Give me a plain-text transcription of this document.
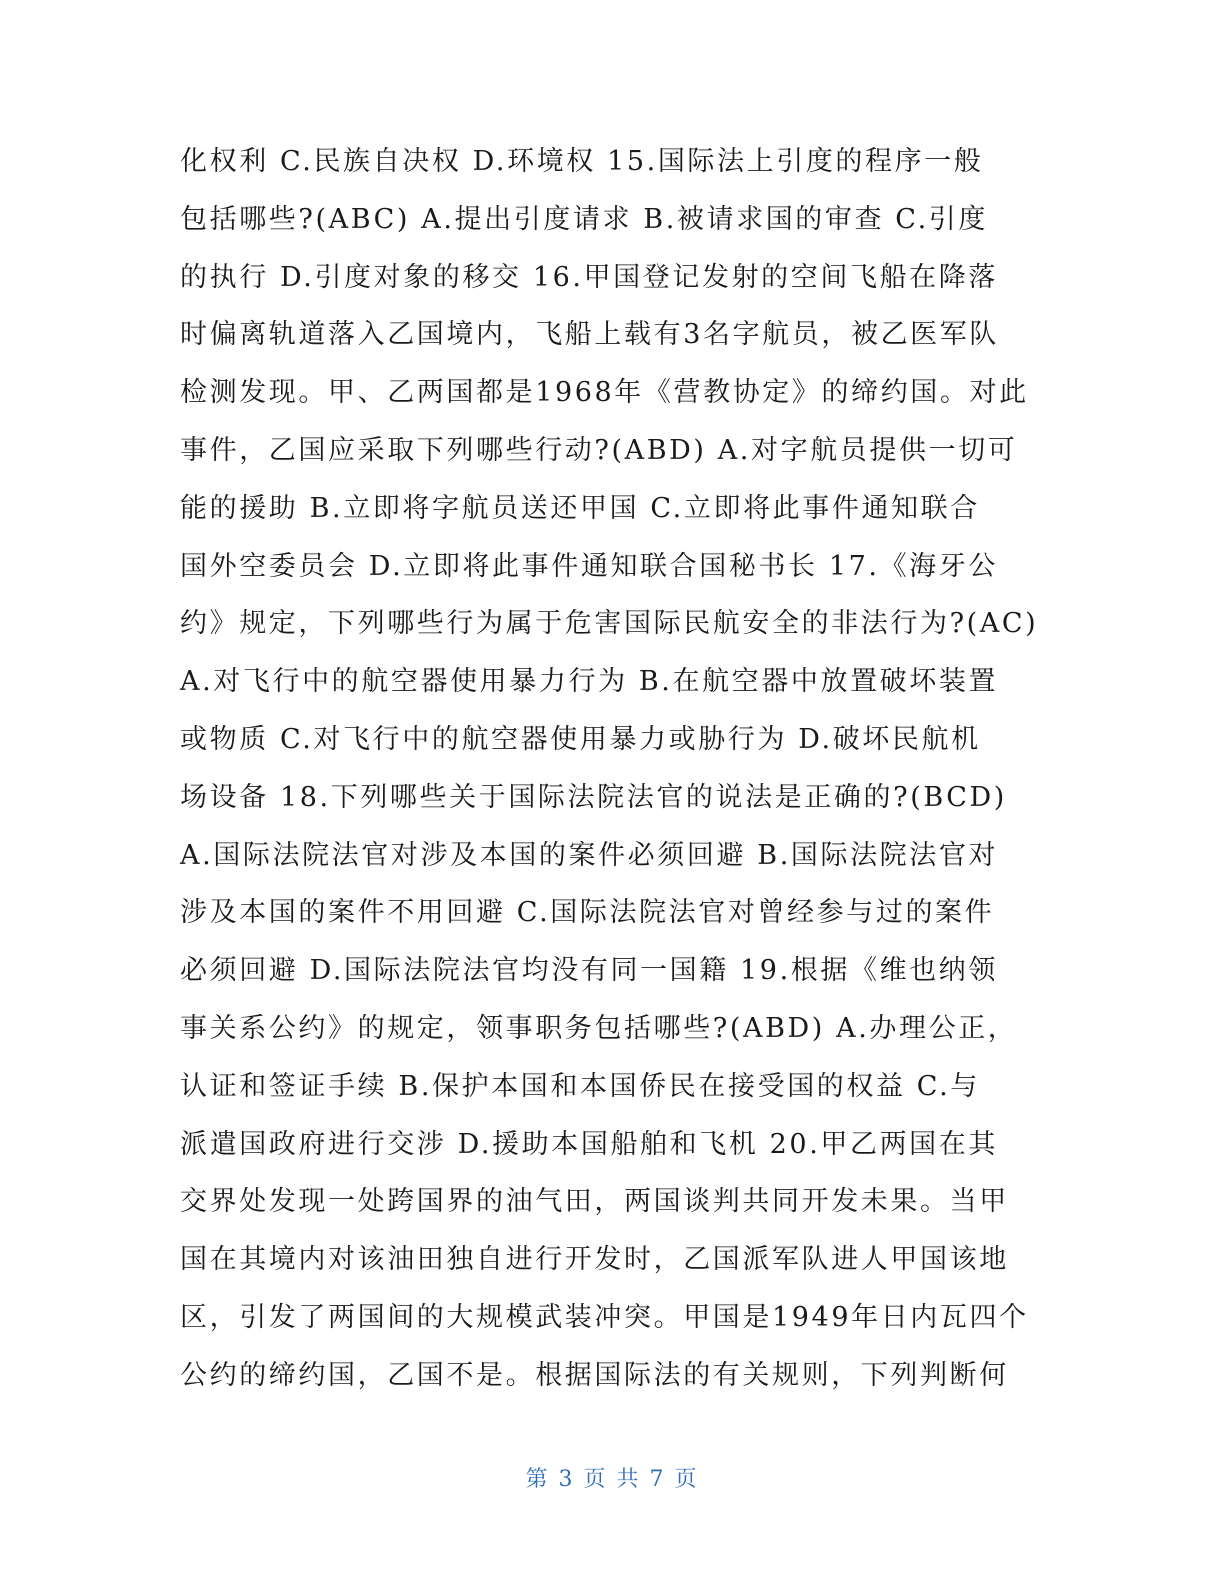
化权利 C.民族自决权 D.环境权 15.国际法上引度的程序一般
包括哪些?(ABC) A.提出引度请求 B.被请求国的审查 C.引度
的执行 D.引度对象的移交 16.甲国登记发射的空间飞船在降落
时偏离轨道落入乙国境内，飞船上载有3名字航员，被乙医军队
检测发现。甲、乙两国都是1968年《营教协定》的缔约国。对此
事件，乙国应采取下列哪些行动?(ABD) A.对字航员提供一切可
能的援助 B.立即将字航员送还甲国 C.立即将此事件通知联合
国外空委员会 D.立即将此事件通知联合国秘书长 17.《海牙公
约》规定，下列哪些行为属于危害国际民航安全的非法行为?(AC)
A.对飞行中的航空器使用暴力行为 B.在航空器中放置破坏装置
或物质 C.对飞行中的航空器使用暴力或胁行为 D.破坏民航机
场设备 18.下列哪些关于国际法院法官的说法是正确的?(BCD)
A.国际法院法官对涉及本国的案件必须回避 B.国际法院法官对
涉及本国的案件不用回避 C.国际法院法官对曾经参与过的案件
必须回避 D.国际法院法官均没有同一国籍 19.根据《维也纳领
事关系公约》的规定，领事职务包括哪些?(ABD) A.办理公正，
认证和签证手续 B.保护本国和本国侨民在接受国的权益 C.与
派遣国政府进行交涉 D.援助本国船舶和飞机 20.甲乙两国在其
交界处发现一处跨国界的油气田，两国谈判共同开发未果。当甲
国在其境内对该油田独自进行开发时，乙国派军队进人甲国该地
区，引发了两国间的大规模武装冲突。甲国是1949年日内瓦四个
公约的缔约国，乙国不是。根据国际法的有关规则，下列判断何
第 3 页 共 7 页
